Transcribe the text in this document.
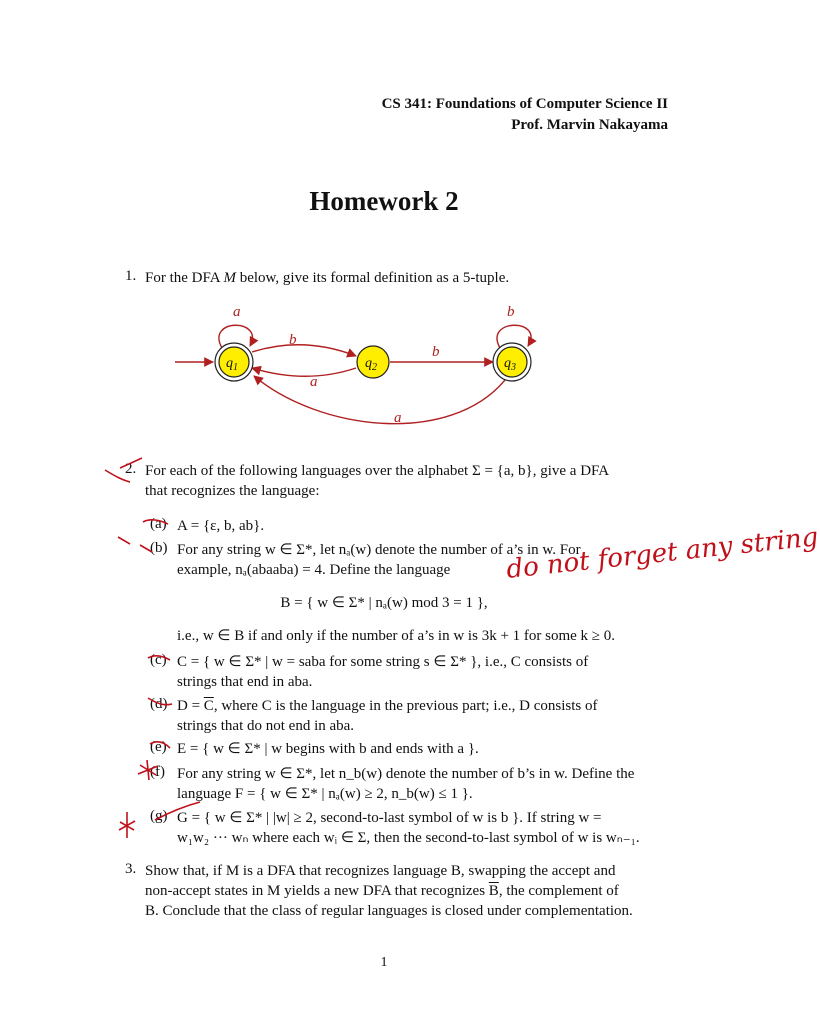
CS 341: Foundations of Computer Science II
Prof. Marvin Nakayama
Homework 2
1. For the DFA M below, give its formal definition as a 5-tuple.
a
b
a
b
b
a
$q_1$	$q_2$	$q_3$
2. For each of the following languages over the alphabet Σ = {a, b}, give a DFA
that recognizes the language:
(a) A = {ε, b, ab}.
(b) For any string w ∈ Σ*, let nₐ(w) denote the number of a’s in w. For
example, nₐ(abaaba) = 4. Define the language
B = { w ∈ Σ* | nₐ(w) mod 3 = 1 },
i.e., w ∈ B if and only if the number of a’s in w is 3k + 1 for some k ≥ 0.
(c) C = { w ∈ Σ* | w = saba for some string s ∈ Σ* }, i.e., C consists of
strings that end in aba.
(d) $D = \overline{C}$, where C is the language in the previous part; i.e., D consists of
strings that do not end in aba.
(e) E = { w ∈ Σ* | w begins with b and ends with a }.
(f) For any string w ∈ Σ*, let n_b(w) denote the number of b’s in w. Define the
language F = { w ∈ Σ* | nₐ(w) ≥ 2, n_b(w) ≤ 1 }.
(g) G = { w ∈ Σ* | |w| ≥ 2, second-to-last symbol of w is b }. If string w =
w₁w₂ ··· wₙ where each wᵢ ∈ Σ, then the second-to-last symbol of w is wₙ₋₁.
3. Show that, if M is a DFA that recognizes language B, swapping the accept and
non-accept states in M yields a new DFA that recognizes $\overline{B}$, the complement of
B. Conclude that the class of regular languages is closed under complementation.
do not forget any string
1
